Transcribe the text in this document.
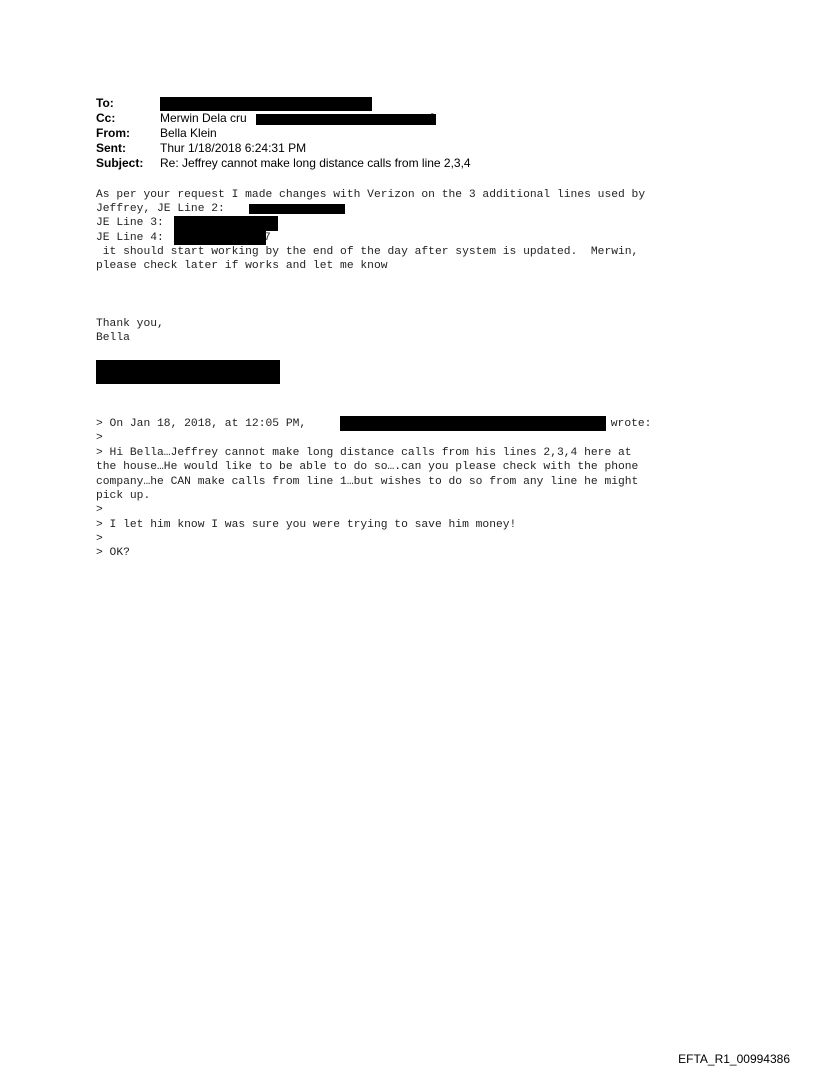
To:
Cc:	Merwin Dela cru
From:	Bella Klein
Sent:	Thur 1/18/2018 6:24:31 PM
Subject: Re: Jeffrey cannot make long distance calls from line 2,3,4
As per your request I made changes with Verizon on the 3 additional lines used by
Jeffrey, JE Line 2:
JE Line 3:
JE Line 4:	7
it should start working by the end of the day after system is updated.  Merwin,
please check later if works and let me know
Thank you,
Bella
> On Jan 18, 2018, at 12:05 PM,	wrote:
>
> Hi Bella…Jeffrey cannot make long distance calls from his lines 2,3,4 here at
the house…He would like to be able to do so….can you please check with the phone
company…he CAN make calls from line 1…but wishes to do so from any line he might
pick up.
>
> I let him know I was sure you were trying to save him money!
>
> OK?
EFTA_R1_00994386
